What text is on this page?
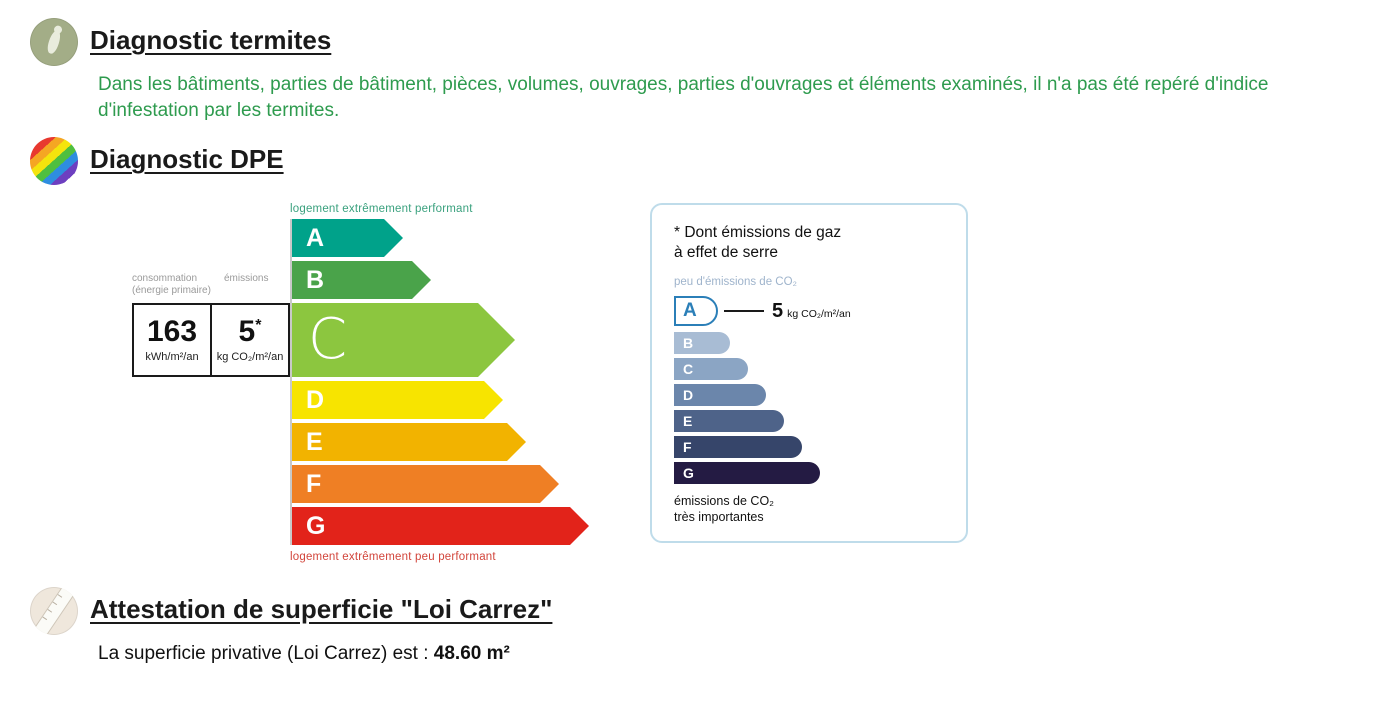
Diagnostic termites

Dans les bâtiments, parties de bâtiment, pièces, volumes, ouvrages, parties d'ouvrages et éléments examinés, il n'a pas été repéré d'indice d'infestation par les termites.

Diagnostic DPE
logement extrêmement performant
A
B
consommation
(énergie primaire)
émissions
163
kWh/m²/an
5*
kg CO₂/m²/an C
D
E
F
G
logement extrêmement peu performant
* Dont émissions de gaz
à effet de serre
peu d'émissions de CO₂
A	5 kg CO₂/m²/an
B
C
D
E
F
G
émissions de CO₂
très importantes
Attestation de superficie "Loi Carrez"

La superficie privative (Loi Carrez) est : 48.60 m²
